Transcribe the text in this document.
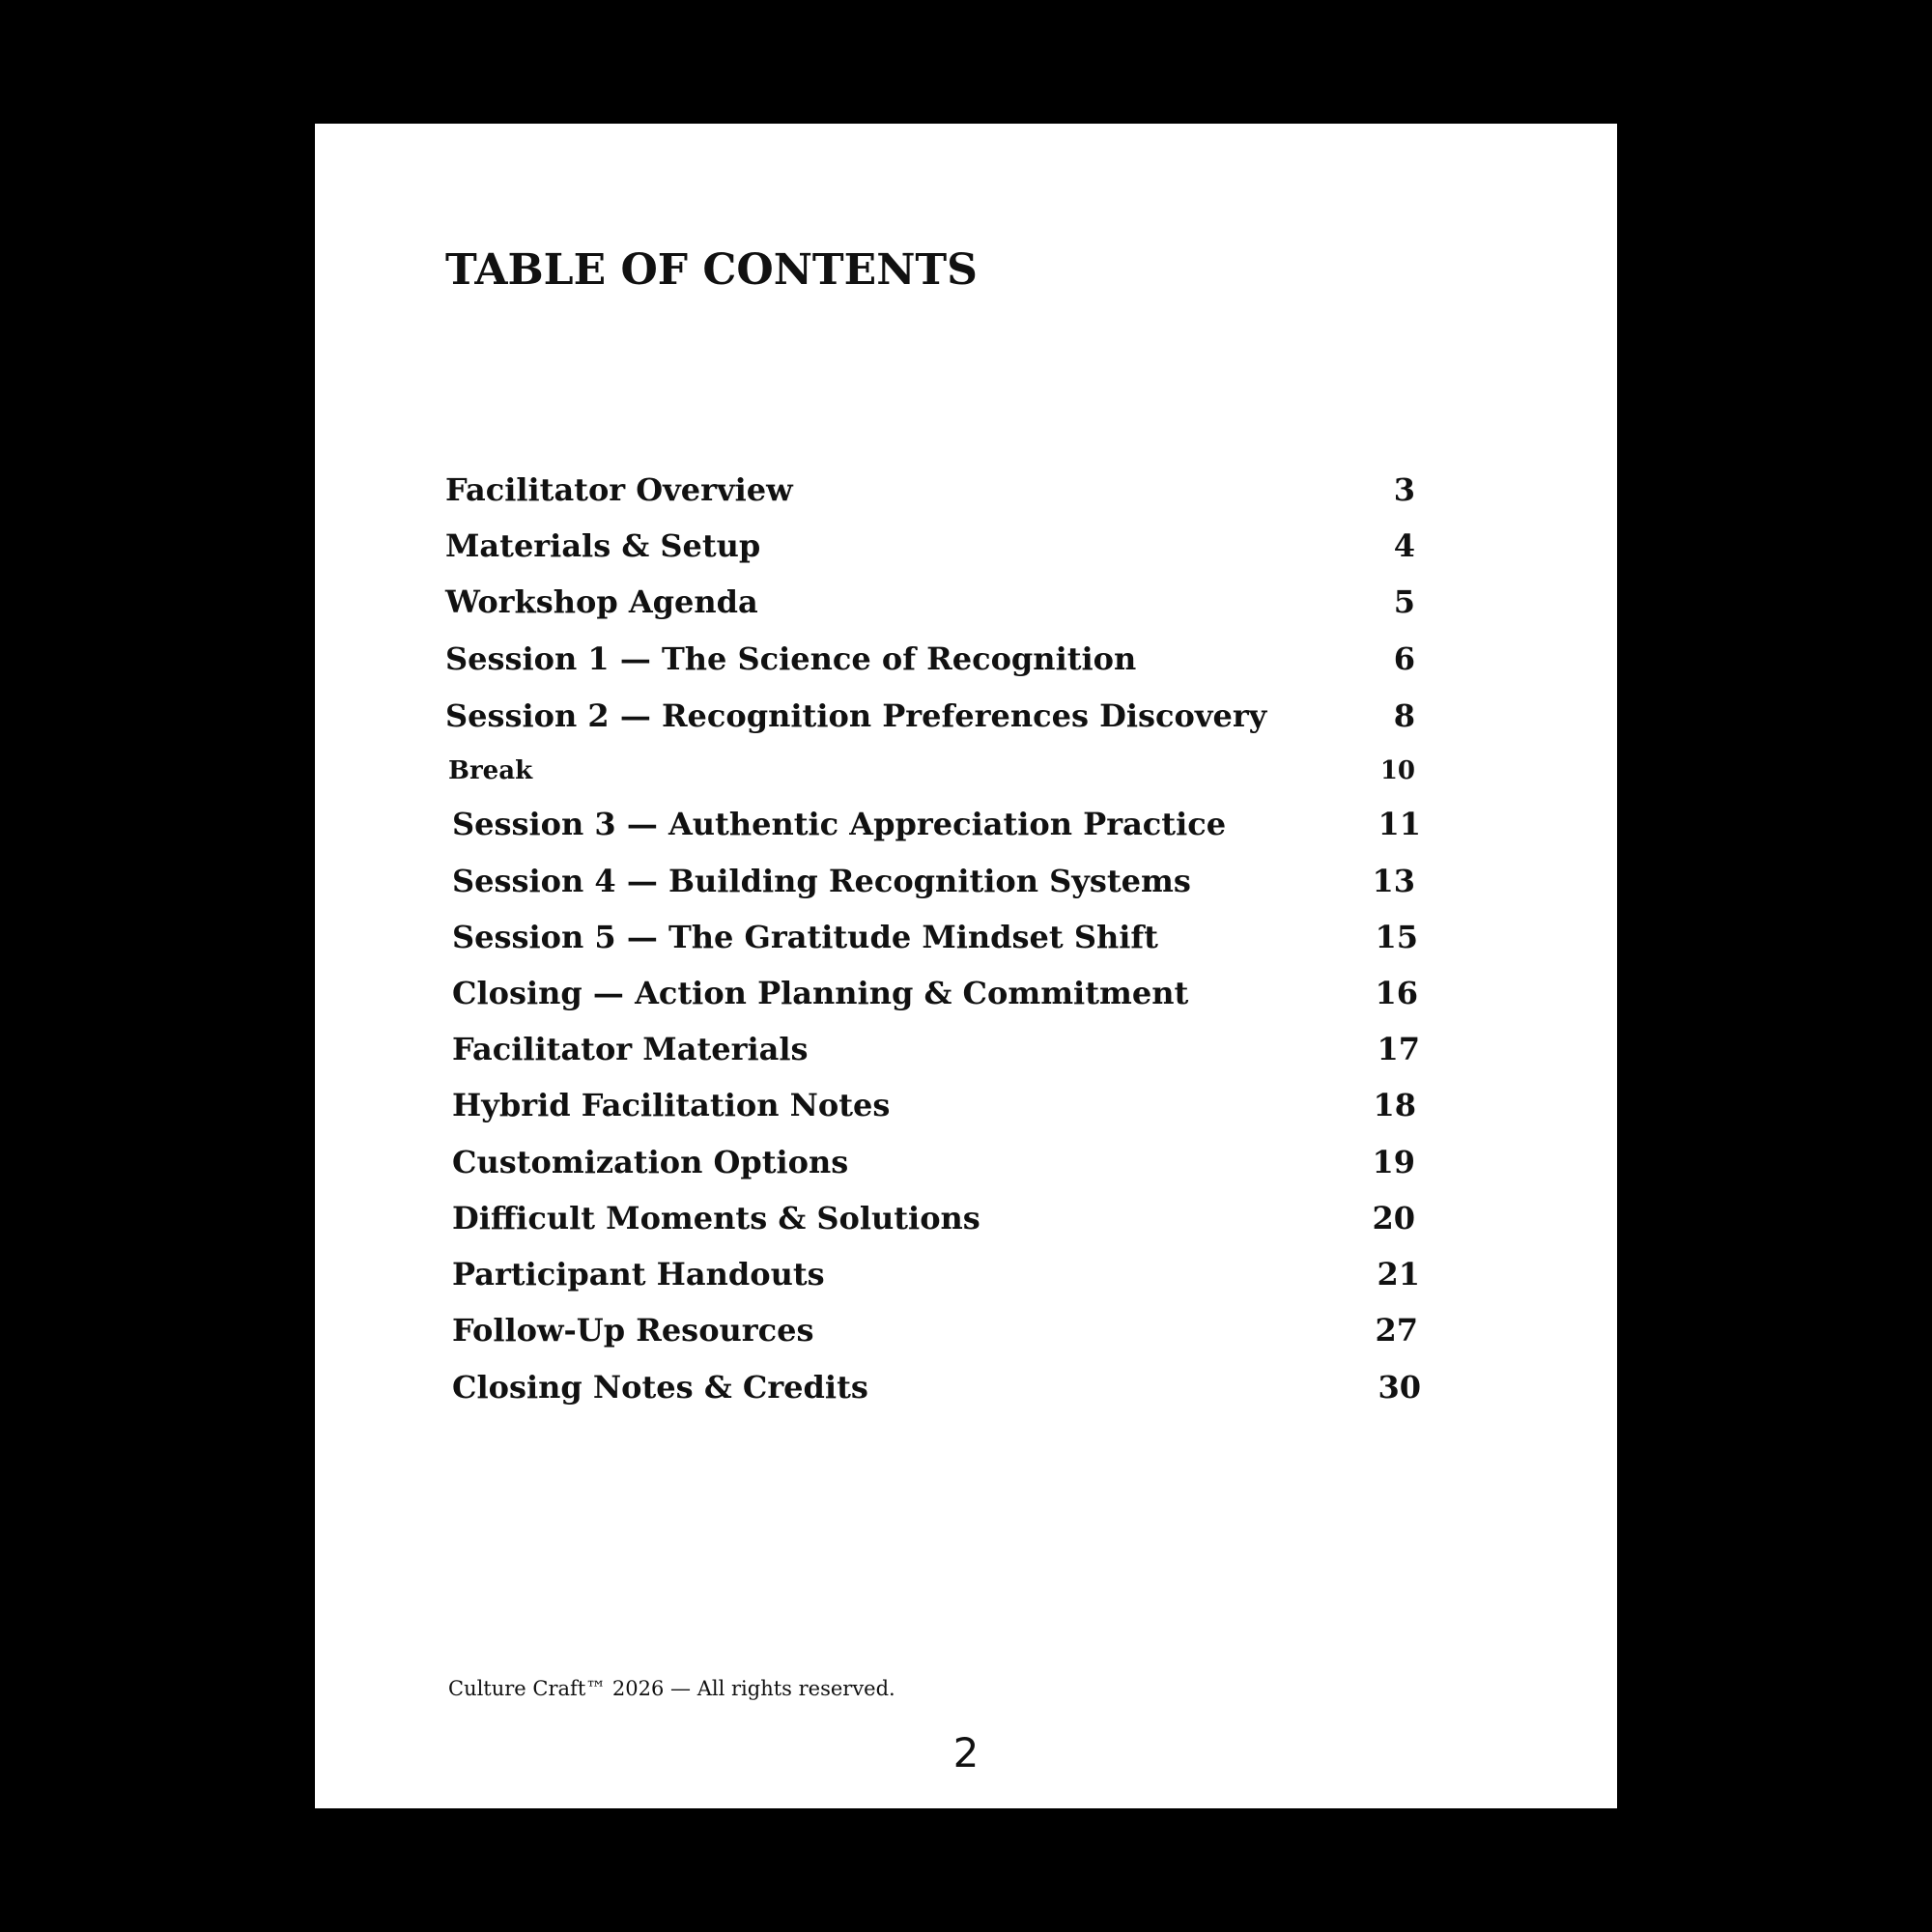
TABLE OF CONTENTS
Facilitator Overview	3
Materials & Setup	4
Workshop Agenda	5
Session 1 — The Science of Recognition	6
Session 2 — Recognition Preferences Discovery	8
Break	10
Session 3 — Authentic Appreciation Practice	11
Session 4 — Building Recognition Systems	13
Session 5 — The Gratitude Mindset Shift	15
Closing — Action Planning & Commitment	16
Facilitator Materials	17
Hybrid Facilitation Notes	18
Customization Options	19
Difficult Moments & Solutions	20
Participant Handouts	21
Follow-Up Resources	27
Closing Notes & Credits	30
Culture Craft™ 2026 — All rights reserved.
2
